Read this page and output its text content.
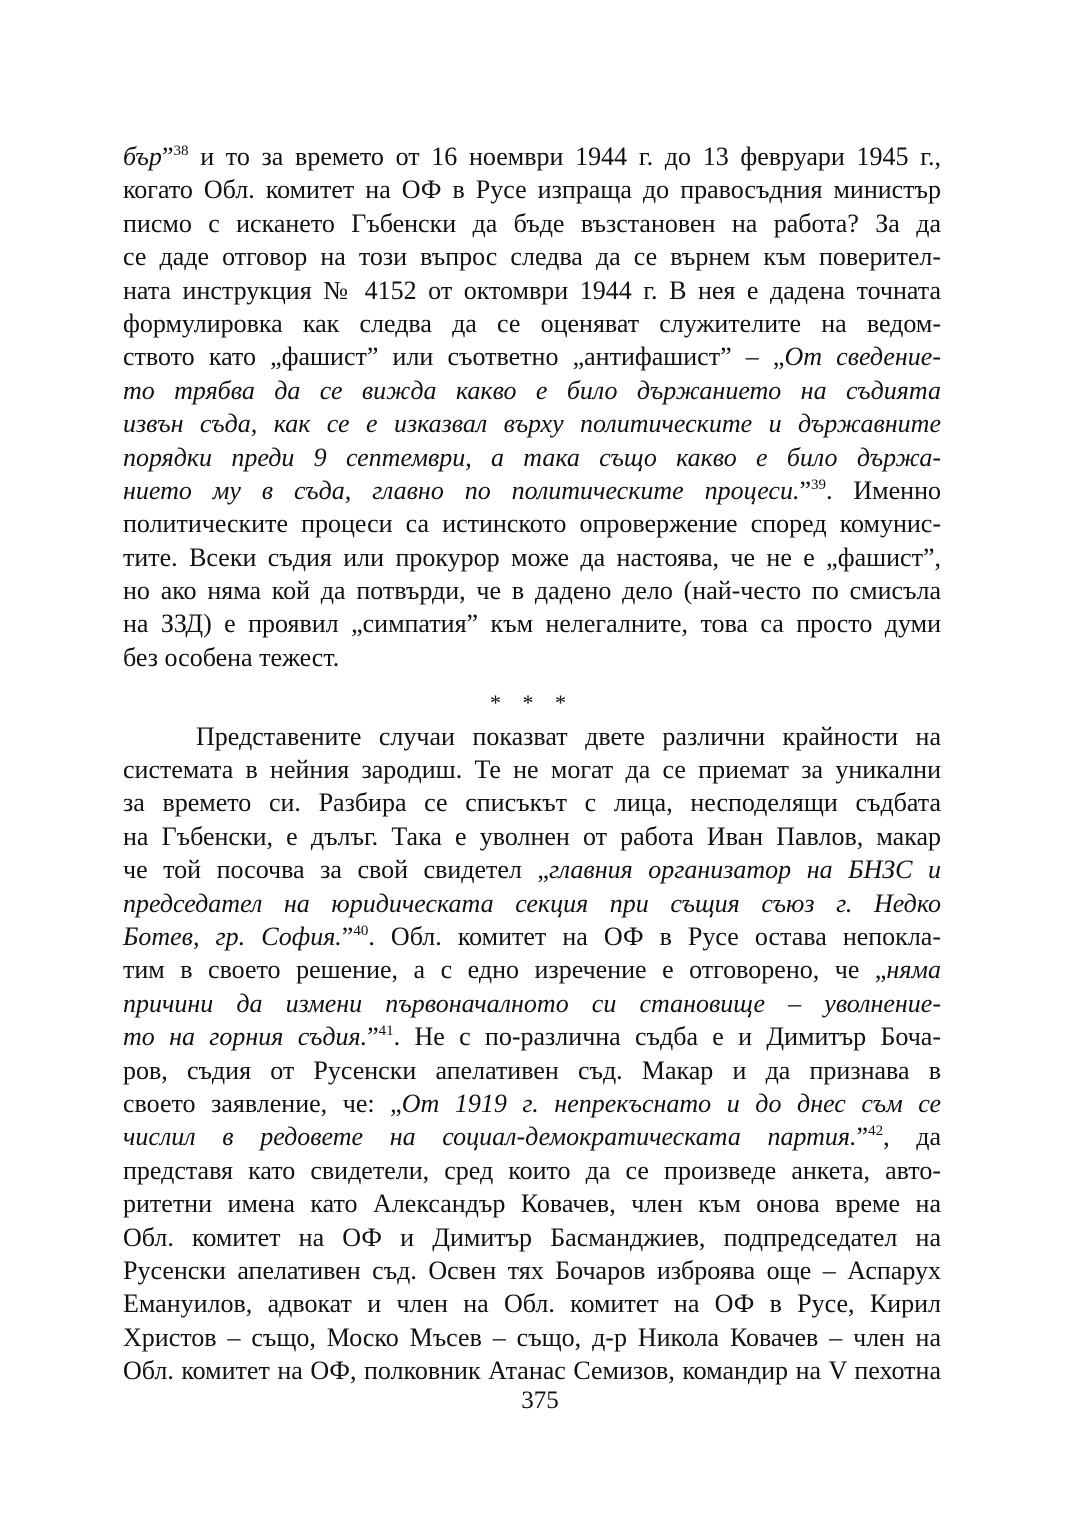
бър”$^{38}$ и то за времето от 16 ноември 1944 г. до 13 февруари 1945 г.,
когато Обл. комитет на ОФ в Русе изпраща до правосъдния министър
писмо с искането Гъбенски да бъде възстановен на работа? За да
се даде отговор на този въпрос следва да се върнем към поверител-
ната инструкция № 4152 от октомври 1944 г. В нея е дадена точната
формулировка как следва да се оценяват служителите на ведом-
ството като „фашист” или съответно „антифашист” – „От сведение-
то трябва да се вижда какво е било държанието на съдията
извън съда, как се е изказвал върху политическите и държавните
порядки преди 9 септември, а така също какво е било държа-
нието му в съда, главно по политическите процеси.”$^{39}$. Именно
политическите процеси са истинското опровержение според комунис-
тите. Всеки съдия или прокурор може да настоява, че не е „фашист”,
но ако няма кой да потвърди, че в дадено дело (най-често по смисъла
на ЗЗД) е проявил „симпатия” към нелегалните, това са просто думи
без особена тежест.
* * *
Представените случаи показват двете различни крайности на
системата в нейния зародиш. Те не могат да се приемат за уникални
за времето си. Разбира се списъкът с лица, несподелящи съдбата
на Гъбенски, е дълъг. Така е уволнен от работа Иван Павлов, макар
че той посочва за свой свидетел „главния организатор на БНЗС и
председател на юридическата секция при същия съюз г. Недко
Ботев, гр. София.”$^{40}$. Обл. комитет на ОФ в Русе остава непокла-
тим в своето решение, а с едно изречение е отговорено, че „няма
причини да измени първоначалното си становище – уволнение-
то на горния съдия.”$^{41}$. Не с по-различна съдба е и Димитър Боча-
ров, съдия от Русенски апелативен съд. Макар и да признава в
своето заявление, че: „От 1919 г. непрекъснато и до днес съм се
числил в редовете на социал-демократическата партия.”$^{42}$, да
представя като свидетели, сред които да се произведе анкета, авто-
ритетни имена като Александър Ковачев, член към онова време на
Обл. комитет на ОФ и Димитър Басманджиев, подпредседател на
Русенски апелативен съд. Освен тях Бочаров изброява още – Аспарух
Емануилов, адвокат и член на Обл. комитет на ОФ в Русе, Кирил
Христов – също, Моско Мъсев – също, д-р Никола Ковачев – член на
Обл. комитет на ОФ, полковник Атанас Семизов, командир на V пехотна
375
